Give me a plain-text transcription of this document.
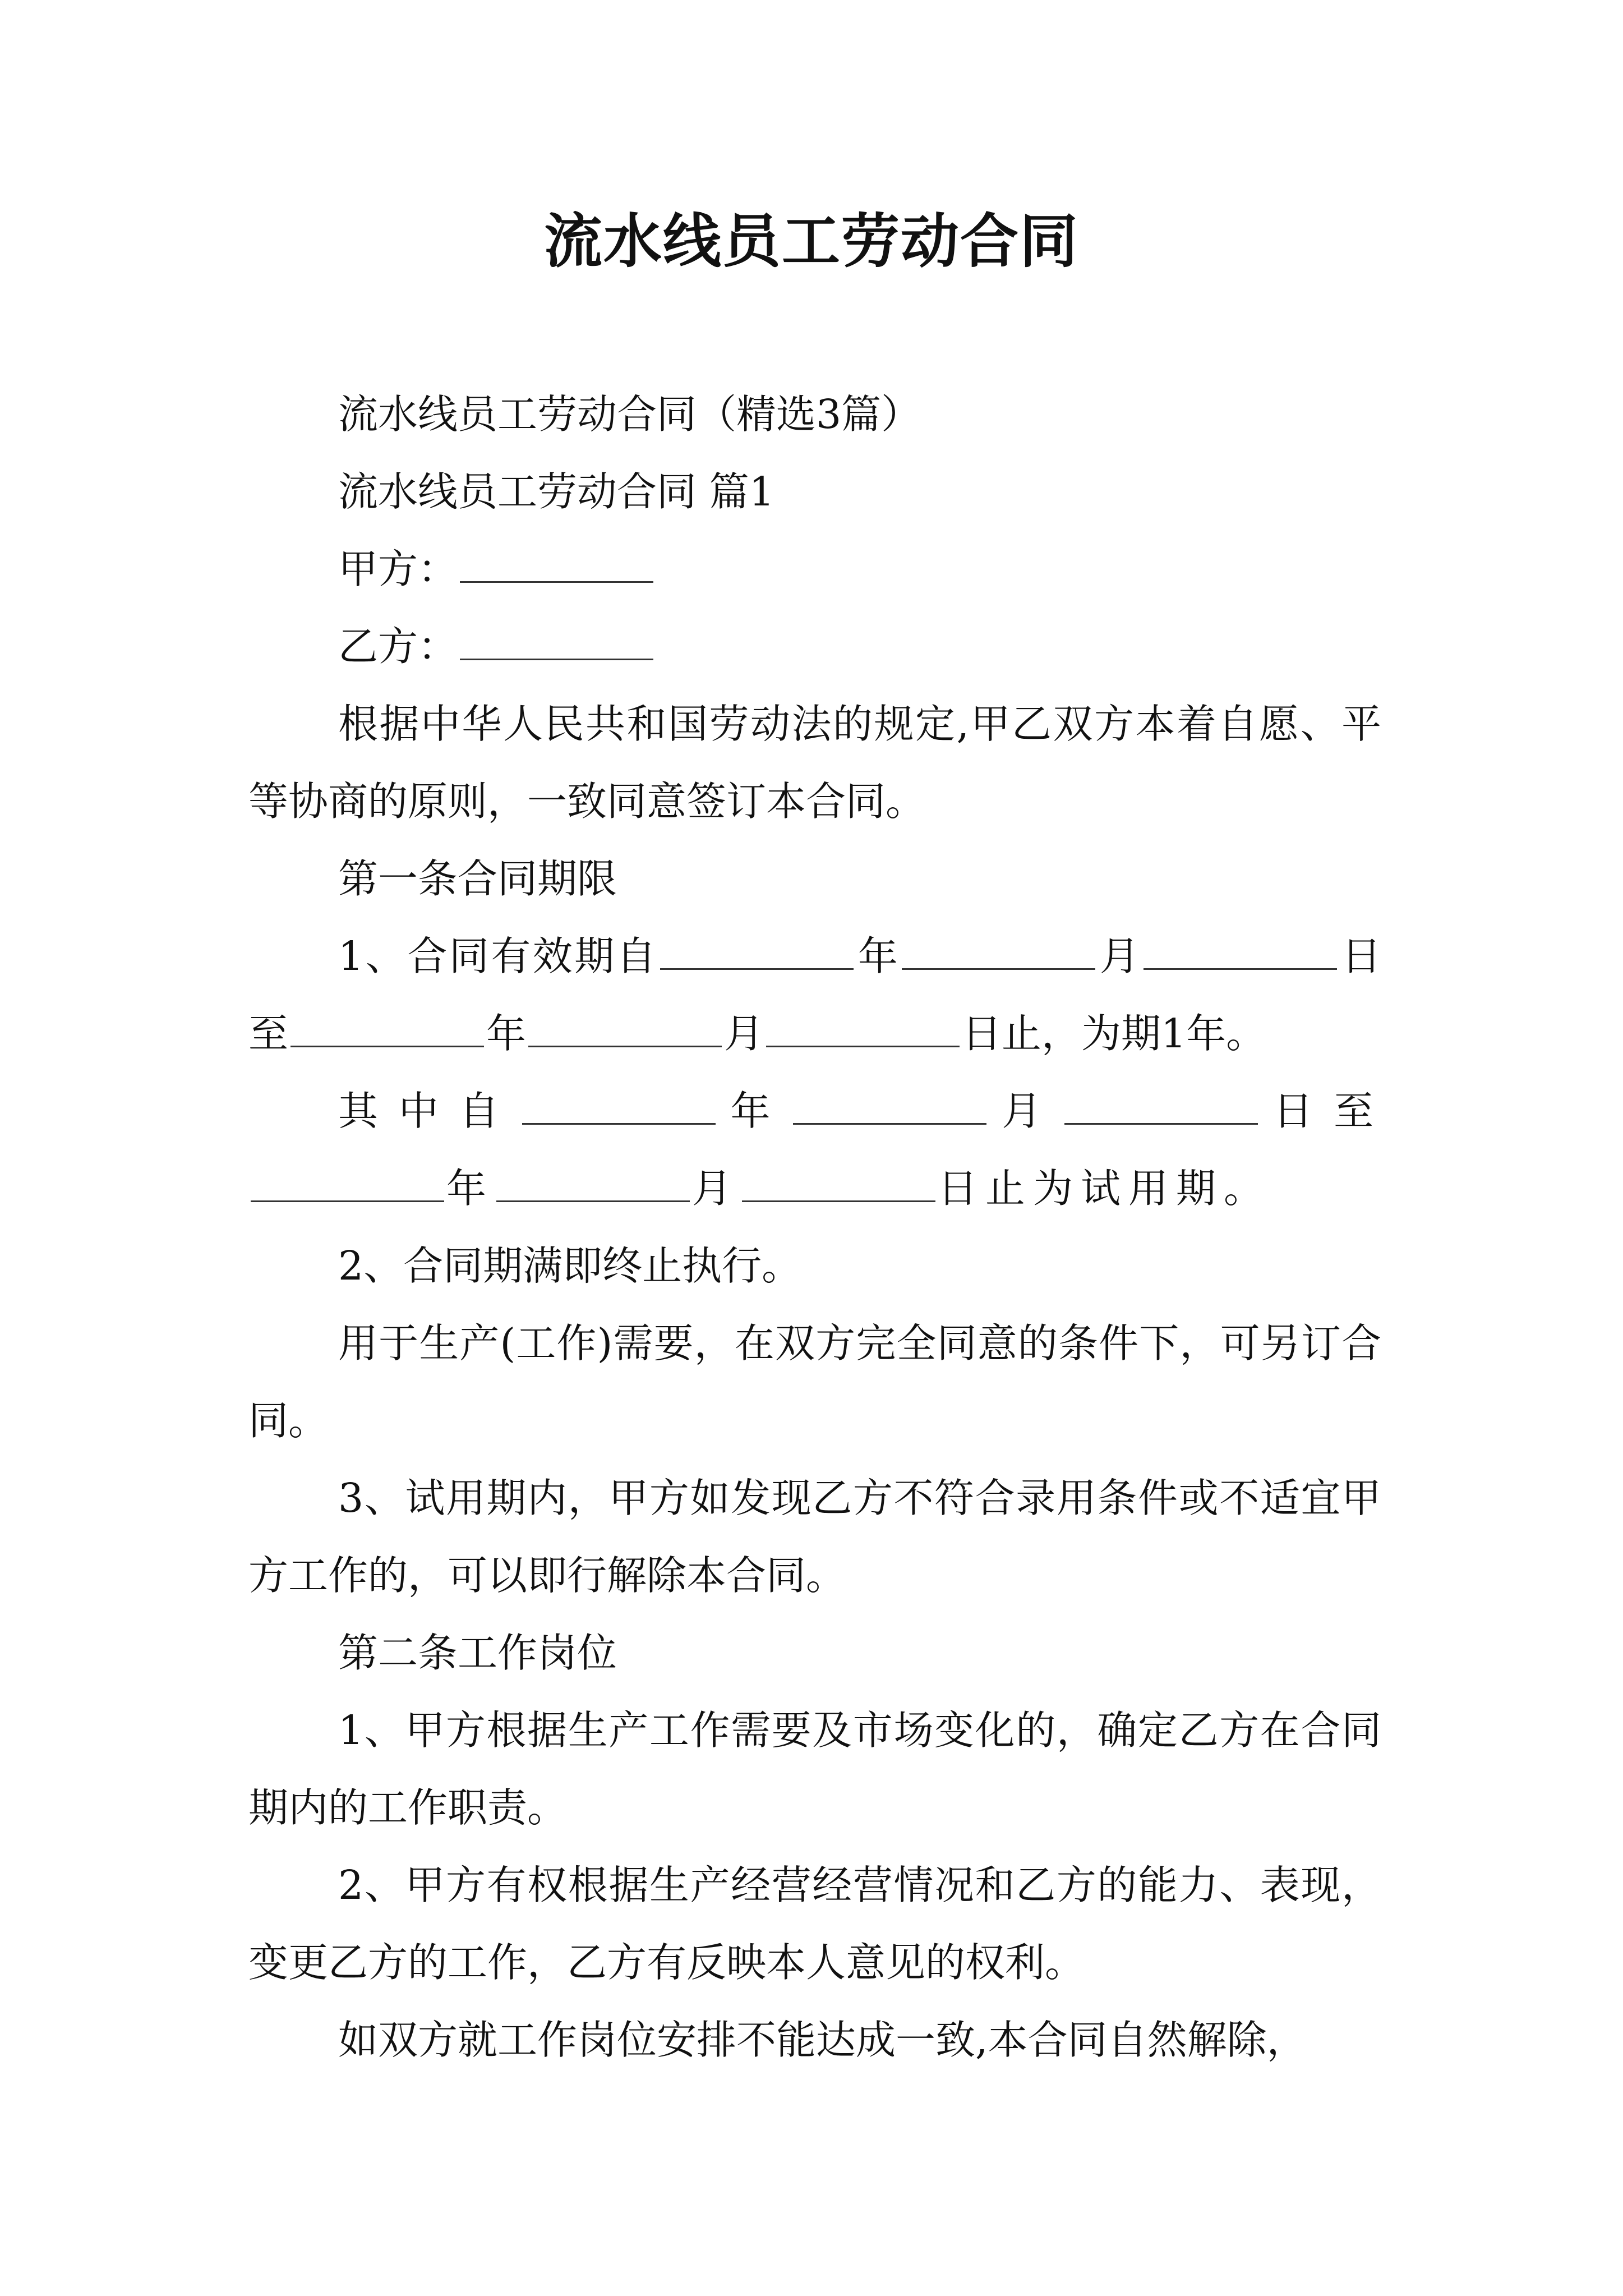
流水线员工劳动合同

流水线员工劳动合同（精选3篇）

流水线员工劳动合同 篇1

甲方：

乙方：

根据中华人民共和国劳动法的规定,甲乙双方本着自愿、平等协商的原则，一致同意签订本合同。

第一条合同期限

1、合同有效期自	年	月	日至	年	月	日止，为期1年。

其中自	年	月	日至年	月	日止为试用期。

2、合同期满即终止执行。

用于生产(工作)需要，在双方完全同意的条件下，可另订合同。

3、试用期内，甲方如发现乙方不符合录用条件或不适宜甲方工作的，可以即行解除本合同。

第二条工作岗位

1、甲方根据生产工作需要及市场变化的，确定乙方在合同期内的工作职责。

2、甲方有权根据生产经营经营情况和乙方的能力、表现，变更乙方的工作，乙方有反映本人意见的权利。

如双方就工作岗位安排不能达成一致,本合同自然解除，
